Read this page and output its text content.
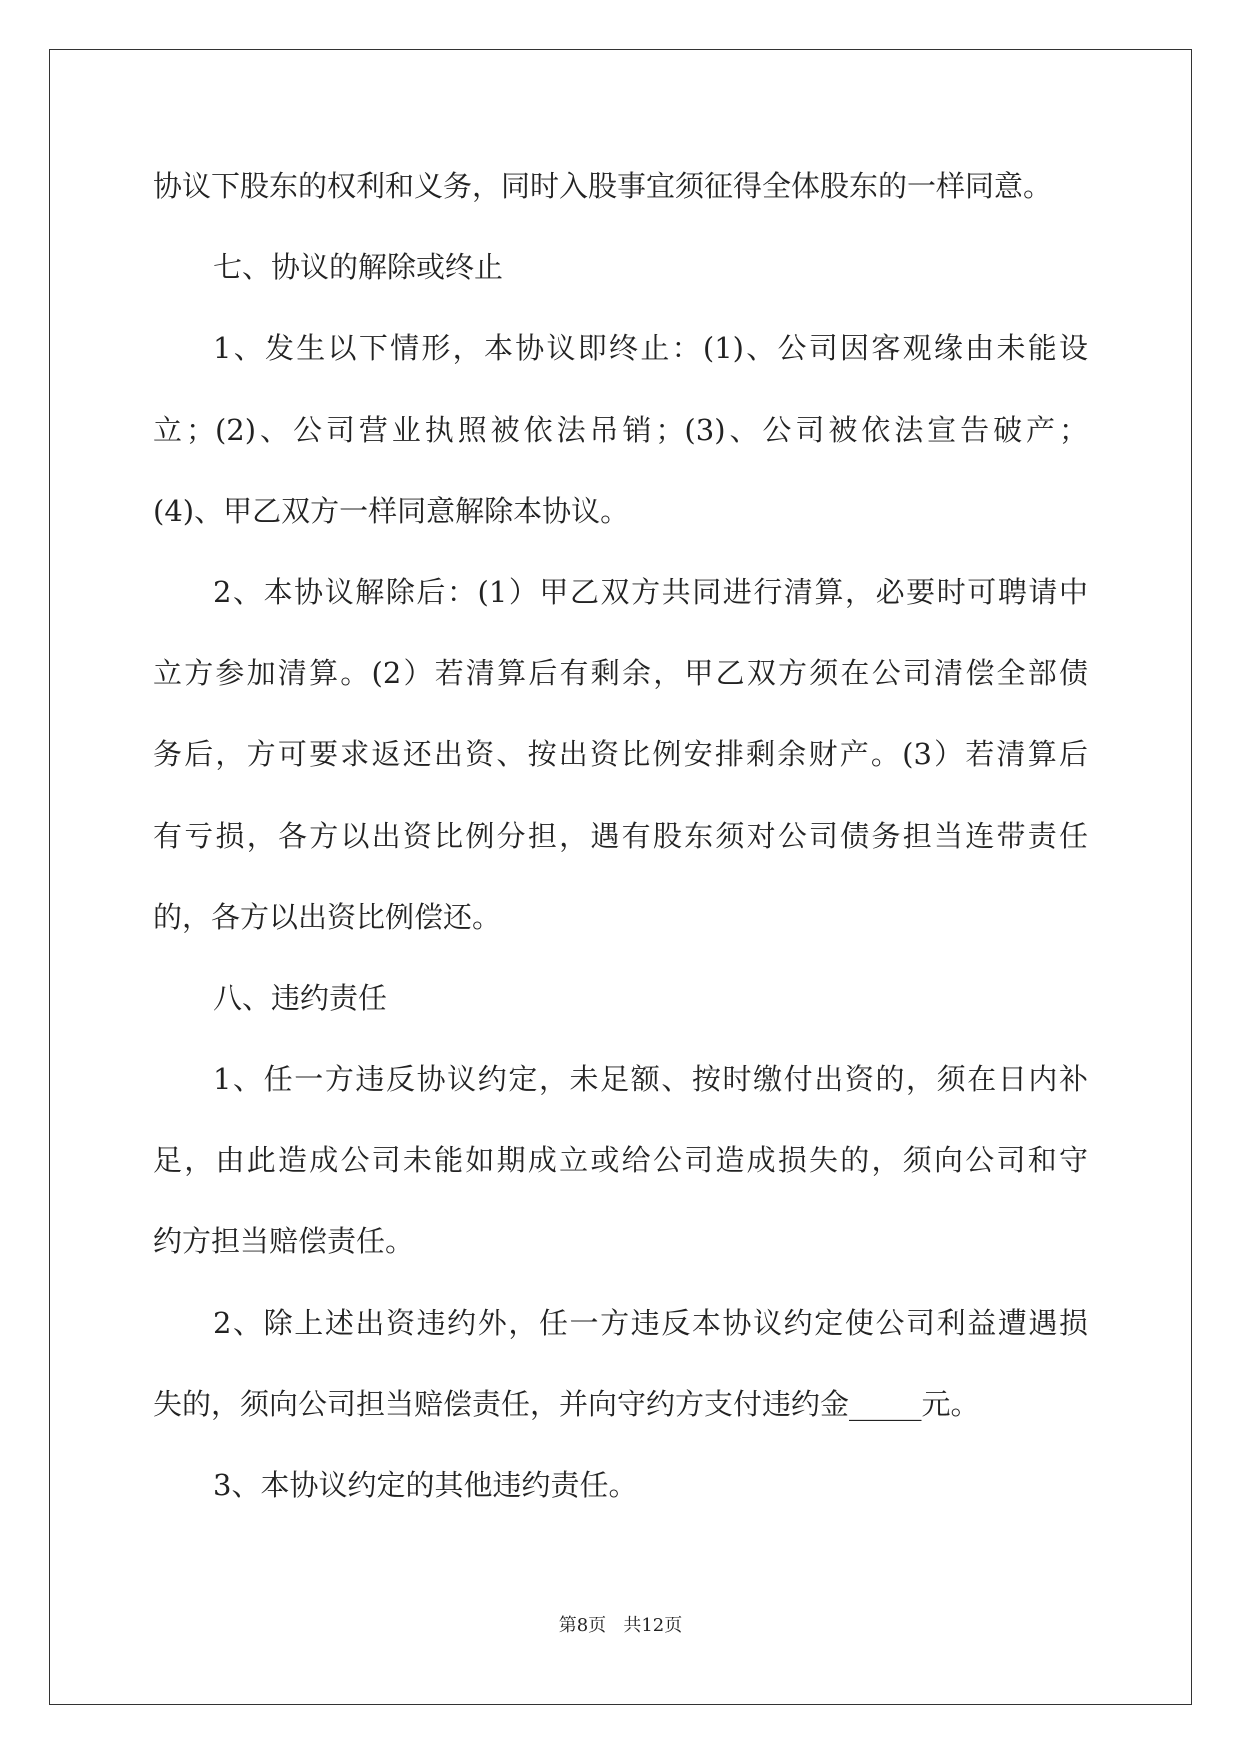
协议下股东的权利和义务，同时入股事宜须征得全体股东的一样同意。
七、协议的解除或终止
1、发生以下情形，本协议即终止：(1)、公司因客观缘由未能设
立；(2)、公司营业执照被依法吊销；(3)、公司被依法宣告破产；
(4)、甲乙双方一样同意解除本协议。
2、本协议解除后：(1）甲乙双方共同进行清算，必要时可聘请中
立方参加清算。(2）若清算后有剩余，甲乙双方须在公司清偿全部债
务后，方可要求返还出资、按出资比例安排剩余财产。(3）若清算后
有亏损，各方以出资比例分担，遇有股东须对公司债务担当连带责任
的，各方以出资比例偿还。
八、违约责任
1、任一方违反协议约定，未足额、按时缴付出资的，须在日内补
足，由此造成公司未能如期成立或给公司造成损失的，须向公司和守
约方担当赔偿责任。
2、除上述出资违约外，任一方违反本协议约定使公司利益遭遇损
失的，须向公司担当赔偿责任，并向守约方支付违约金_____元。
3、本协议约定的其他违约责任。
第8页 共12页
